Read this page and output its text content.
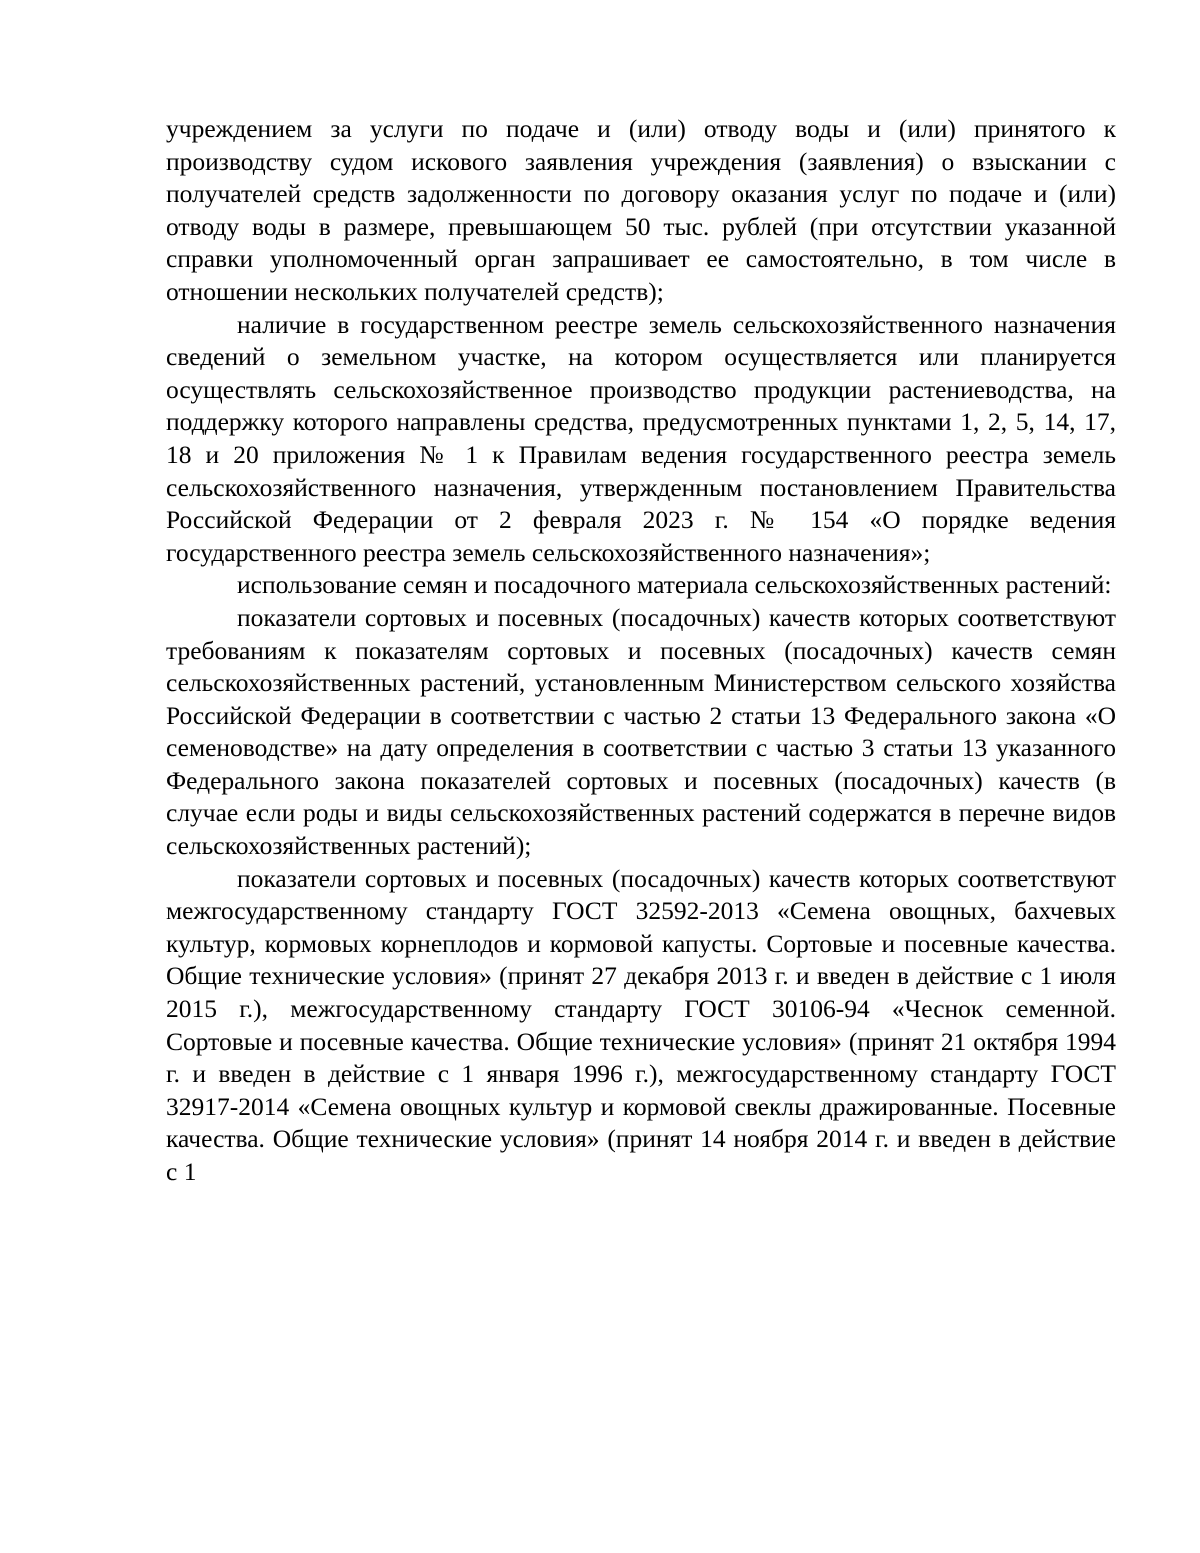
учреждением за услуги по подаче и (или) отводу воды и (или) принятого к производству судом искового заявления учреждения (заявления) о взыскании с получателей средств задолженности по договору оказания услуг по подаче и (или) отводу воды в размере, превышающем 50 тыс. рублей (при отсутствии указанной справки уполномоченный орган запрашивает ее самостоятельно, в том числе в отношении нескольких получателей средств);

наличие в государственном реестре земель сельскохозяйственного назначения сведений о земельном участке, на котором осуществляется или планируется осуществлять сельскохозяйственное производство продукции растениеводства, на поддержку которого направлены средства, предусмотренных пунктами 1, 2, 5, 14, 17, 18 и 20 приложения № 1 к Правилам ведения государственного реестра земель сельскохозяйственного назначения, утвержденным постановлением Правительства Российской Федерации от 2 февраля 2023 г. № 154 «О порядке ведения государственного реестра земель сельскохозяйственного назначения»;

использование семян и посадочного материала сельскохозяйственных растений:

показатели сортовых и посевных (посадочных) качеств которых соответствуют требованиям к показателям сортовых и посевных (посадочных) качеств семян сельскохозяйственных растений, установленным Министерством сельского хозяйства Российской Федерации в соответствии с частью 2 статьи 13 Федерального закона «О семеноводстве» на дату определения в соответствии с частью 3 статьи 13 указанного Федерального закона показателей сортовых и посевных (посадочных) качеств (в случае если роды и виды сельскохозяйственных растений содержатся в перечне видов сельскохозяйственных растений);

показатели сортовых и посевных (посадочных) качеств которых соответствуют межгосударственному стандарту ГОСТ 32592-2013 «Семена овощных, бахчевых культур, кормовых корнеплодов и кормовой капусты. Сортовые и посевные качества. Общие технические условия» (принят 27 декабря 2013 г. и введен в действие с 1 июля 2015 г.), межгосударственному стандарту ГОСТ 30106-94 «Чеснок семенной. Сортовые и посевные качества. Общие технические условия» (принят 21 октября 1994 г. и введен в действие с 1 января 1996 г.), межгосударственному стандарту ГОСТ 32917-2014 «Семена овощных культур и кормовой свеклы дражированные. Посевные качества. Общие технические условия» (принят 14 ноября 2014 г. и введен в действие с 1
